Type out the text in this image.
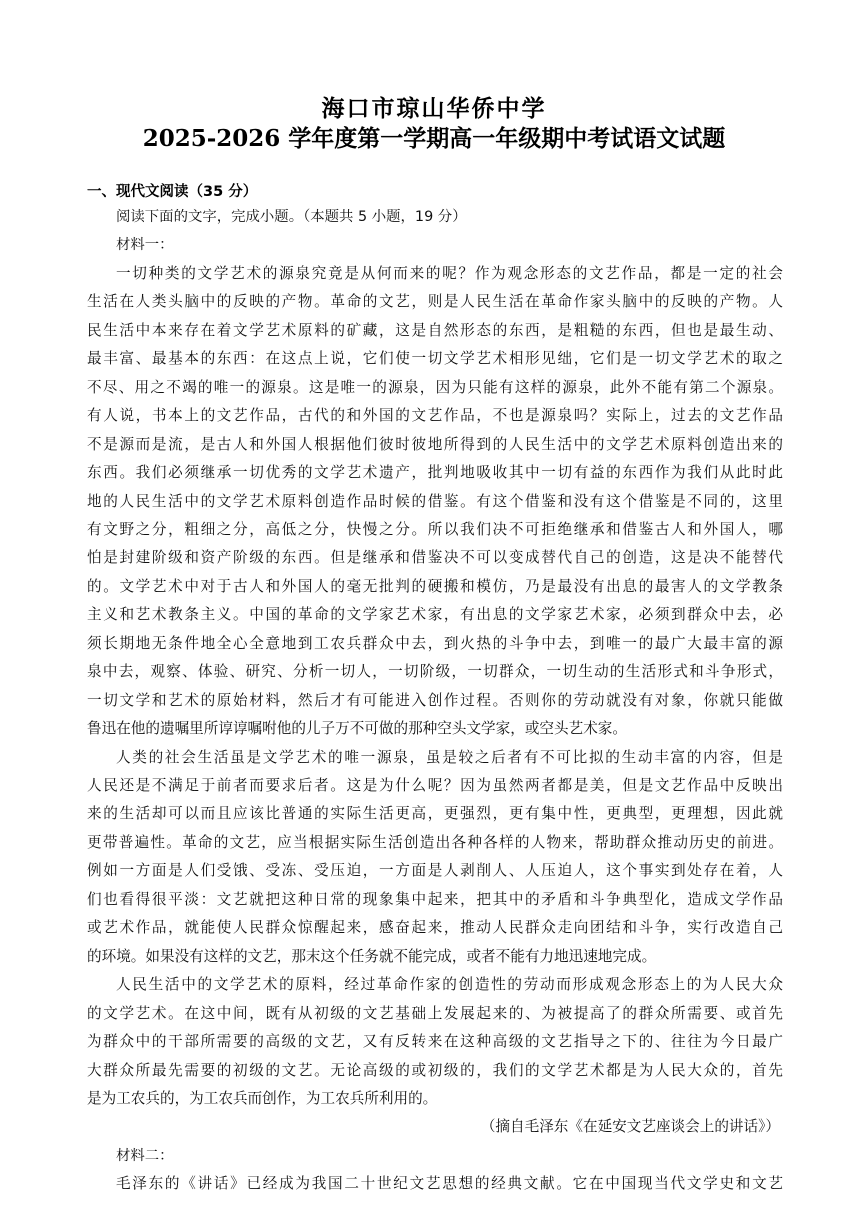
海口市琼山华侨中学
2025-2026 学年度第一学期高一年级期中考试语文试题
一、现代文阅读（35 分）
阅读下面的文字，完成小题。（本题共 5 小题，19 分）
材料一：
一切种类的文学艺术的源泉究竟是从何而来的呢？作为观念形态的文艺作品，都是一定的社会
生活在人类头脑中的反映的产物。革命的文艺，则是人民生活在革命作家头脑中的反映的产物。人
民生活中本来存在着文学艺术原料的矿藏，这是自然形态的东西，是粗糙的东西，但也是最生动、
最丰富、最基本的东西：在这点上说，它们使一切文学艺术相形见绌，它们是一切文学艺术的取之
不尽、用之不竭的唯一的源泉。这是唯一的源泉，因为只能有这样的源泉，此外不能有第二个源泉。
有人说，书本上的文艺作品，古代的和外国的文艺作品，不也是源泉吗？实际上，过去的文艺作品
不是源而是流，是古人和外国人根据他们彼时彼地所得到的人民生活中的文学艺术原料创造出来的
东西。我们必须继承一切优秀的文学艺术遗产，批判地吸收其中一切有益的东西作为我们从此时此
地的人民生活中的文学艺术原料创造作品时候的借鉴。有这个借鉴和没有这个借鉴是不同的，这里
有文野之分，粗细之分，高低之分，快慢之分。所以我们决不可拒绝继承和借鉴古人和外国人，哪
怕是封建阶级和资产阶级的东西。但是继承和借鉴决不可以变成替代自己的创造，这是决不能替代
的。文学艺术中对于古人和外国人的毫无批判的硬搬和模仿，乃是最没有出息的最害人的文学教条
主义和艺术教条主义。中国的革命的文学家艺术家，有出息的文学家艺术家，必须到群众中去，必
须长期地无条件地全心全意地到工农兵群众中去，到火热的斗争中去，到唯一的最广大最丰富的源
泉中去，观察、体验、研究、分析一切人，一切阶级，一切群众，一切生动的生活形式和斗争形式，
一切文学和艺术的原始材料，然后才有可能进入创作过程。否则你的劳动就没有对象，你就只能做
鲁迅在他的遗嘱里所谆谆嘱咐他的儿子万不可做的那种空头文学家，或空头艺术家。
人类的社会生活虽是文学艺术的唯一源泉，虽是较之后者有不可比拟的生动丰富的内容，但是
人民还是不满足于前者而要求后者。这是为什么呢？因为虽然两者都是美，但是文艺作品中反映出
来的生活却可以而且应该比普通的实际生活更高，更强烈，更有集中性，更典型，更理想，因此就
更带普遍性。革命的文艺，应当根据实际生活创造出各种各样的人物来，帮助群众推动历史的前进。
例如一方面是人们受饿、受冻、受压迫，一方面是人剥削人、人压迫人，这个事实到处存在着，人
们也看得很平淡：文艺就把这种日常的现象集中起来，把其中的矛盾和斗争典型化，造成文学作品
或艺术作品，就能使人民群众惊醒起来，感奋起来，推动人民群众走向团结和斗争，实行改造自己
的环境。如果没有这样的文艺，那末这个任务就不能完成，或者不能有力地迅速地完成。
人民生活中的文学艺术的原料，经过革命作家的创造性的劳动而形成观念形态上的为人民大众
的文学艺术。在这中间，既有从初级的文艺基础上发展起来的、为被提高了的群众所需要、或首先
为群众中的干部所需要的高级的文艺，又有反转来在这种高级的文艺指导之下的、往往为今日最广
大群众所最先需要的初级的文艺。无论高级的或初级的，我们的文学艺术都是为人民大众的，首先
是为工农兵的，为工农兵而创作，为工农兵所利用的。
（摘自毛泽东《在延安文艺座谈会上的讲话》）
材料二：
毛泽东的《讲话》已经成为我国二十世纪文艺思想的经典文献。它在中国现当代文学史和文艺
